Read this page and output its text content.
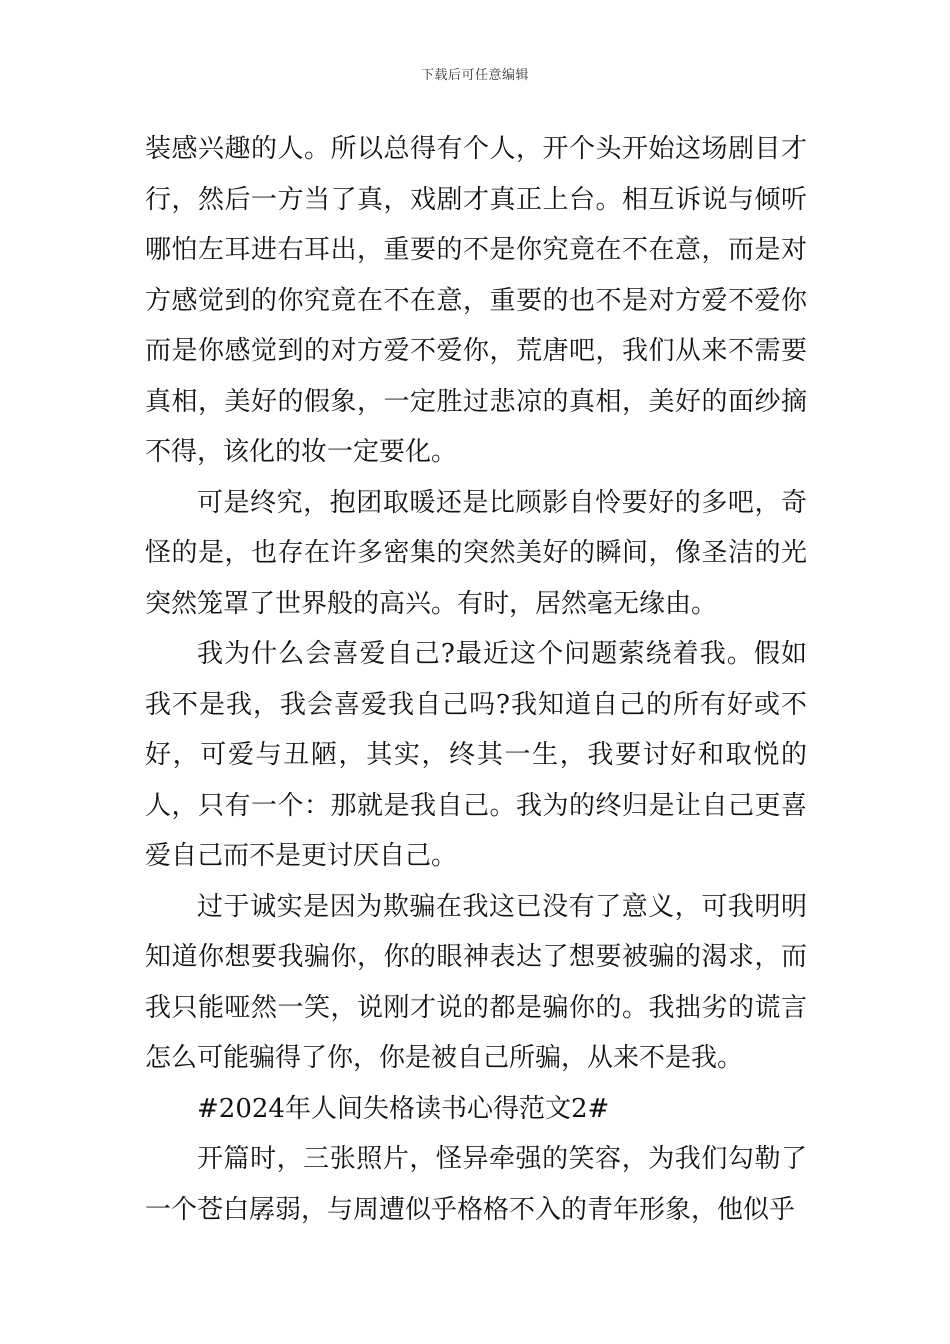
下载后可任意编辑

装感兴趣的人。所以总得有个人，开个头开始这场剧目才行，然后一方当了真，戏剧才真正上台。相互诉说与倾听哪怕左耳进右耳出，重要的不是你究竟在不在意，而是对方感觉到的你究竟在不在意，重要的也不是对方爱不爱你而是你感觉到的对方爱不爱你，荒唐吧，我们从来不需要真相，美好的假象，一定胜过悲凉的真相，美好的面纱摘不得，该化的妆一定要化。

可是终究，抱团取暖还是比顾影自怜要好的多吧，奇怪的是，也存在许多密集的突然美好的瞬间，像圣洁的光突然笼罩了世界般的高兴。有时，居然毫无缘由。

我为什么会喜爱自己?最近这个问题萦绕着我。假如我不是我，我会喜爱我自己吗?我知道自己的所有好或不好，可爱与丑陋，其实，终其一生，我要讨好和取悦的人，只有一个：那就是我自己。我为的终归是让自己更喜爱自己而不是更讨厌自己。

过于诚实是因为欺骗在我这已没有了意义，可我明明知道你想要我骗你，你的眼神表达了想要被骗的渴求，而我只能哑然一笑，说刚才说的都是骗你的。我拙劣的谎言怎么可能骗得了你，你是被自己所骗，从来不是我。

#2024年人间失格读书心得范文2#

开篇时，三张照片，怪异牵强的笑容，为我们勾勒了一个苍白孱弱，与周遭似乎格格不入的青年形象，他似乎
